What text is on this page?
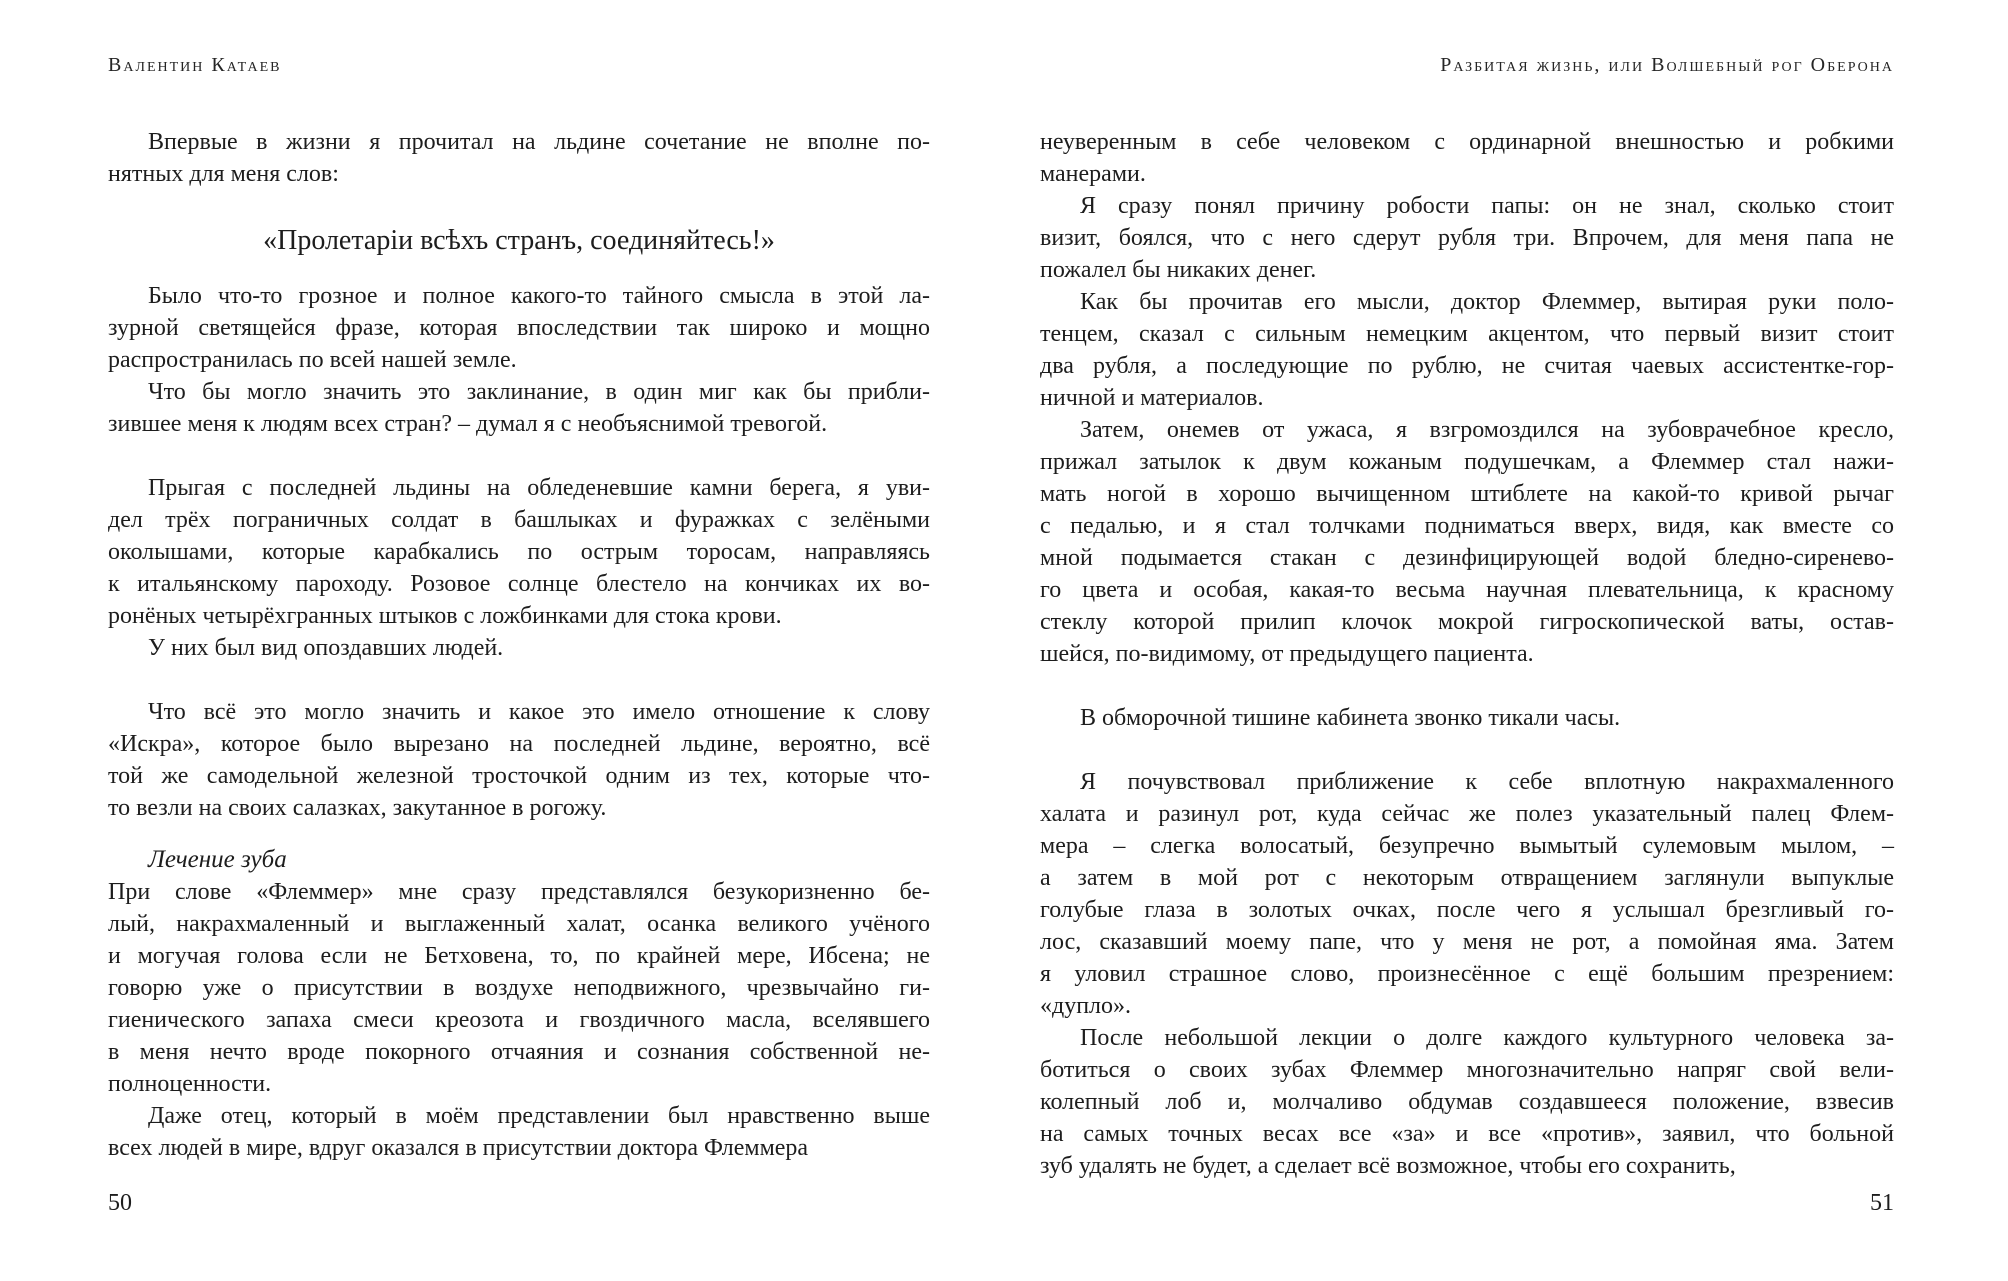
Валентин Катаев	Разбитая жизнь, или Волшебный рог Оберона
Впервые в жизни я прочитал на льдине сочетание не вполне по-
нятных для меня слов:
«Пролетаріи всѣхъ странъ, соединяйтесь!»
Было что-то грозное и полное какого-то тайного смысла в этой ла-
зурной светящейся фразе, которая впоследствии так широко и мощно
распространилась по всей нашей земле.
Что бы могло значить это заклинание, в один миг как бы прибли-
зившее меня к людям всех стран? – думал я с необъяснимой тревогой.
Прыгая с последней льдины на обледеневшие камни берега, я уви-
дел трёх пограничных солдат в башлыках и фуражках с зелёными
околышами, которые карабкались по острым торосам, направляясь
к итальянскому пароходу. Розовое солнце блестело на кончиках их во-
ронёных четырёхгранных штыков с ложбинками для стока крови.
У них был вид опоздавших людей.
Что всё это могло значить и какое это имело отношение к слову
«Искра», которое было вырезано на последней льдине, вероятно, всё
той же самодельной железной тросточкой одним из тех, которые что-
то везли на своих салазках, закутанное в рогожу.
Лечение зуба
При слове «Флеммер» мне сразу представлялся безукоризненно бе-
лый, накрахмаленный и выглаженный халат, осанка великого учёного
и могучая голова если не Бетховена, то, по крайней мере, Ибсена; не
говорю уже о присутствии в воздухе неподвижного, чрезвычайно ги-
гиенического запаха смеси креозота и гвоздичного масла, вселявшего
в меня нечто вроде покорного отчаяния и сознания собственной не-
полноценности.
Даже отец, который в моём представлении был нравственно выше
всех людей в мире, вдруг оказался в присутствии доктора Флеммера
неуверенным в себе человеком с ординарной внешностью и робкими
манерами.
Я сразу понял причину робости папы: он не знал, сколько стоит
визит, боялся, что с него сдерут рубля три. Впрочем, для меня папа не
пожалел бы никаких денег.
Как бы прочитав его мысли, доктор Флеммер, вытирая руки поло-
тенцем, сказал с сильным немецким акцентом, что первый визит стоит
два рубля, а последующие по рублю, не считая чаевых ассистентке-гор-
ничной и материалов.
Затем, онемев от ужаса, я взгромоздился на зубоврачебное кресло,
прижал затылок к двум кожаным подушечкам, а Флеммер стал нажи-
мать ногой в хорошо вычищенном штиблете на какой-то кривой рычаг
с педалью, и я стал толчками подниматься вверх, видя, как вместе со
мной подымается стакан с дезинфицирующей водой бледно-сиренево-
го цвета и особая, какая-то весьма научная плевательница, к красному
стеклу которой прилип клочок мокрой гигроскопической ваты, остав-
шейся, по-видимому, от предыдущего пациента.
В обморочной тишине кабинета звонко тикали часы.
Я почувствовал приближение к себе вплотную накрахмаленного
халата и разинул рот, куда сейчас же полез указательный палец Флем-
мера – слегка волосатый, безупречно вымытый сулемовым мылом, –
а затем в мой рот с некоторым отвращением заглянули выпуклые
голубые глаза в золотых очках, после чего я услышал брезгливый го-
лос, сказавший моему папе, что у меня не рот, а помойная яма. Затем
я уловил страшное слово, произнесённое с ещё большим презрением:
«дупло».
После небольшой лекции о долге каждого культурного человека за-
ботиться о своих зубах Флеммер многозначительно напряг свой вели-
колепный лоб и, молчаливо обдумав создавшееся положение, взвесив
на самых точных весах все «за» и все «против», заявил, что больной
зуб удалять не будет, а сделает всё возможное, чтобы его сохранить,
50	51
